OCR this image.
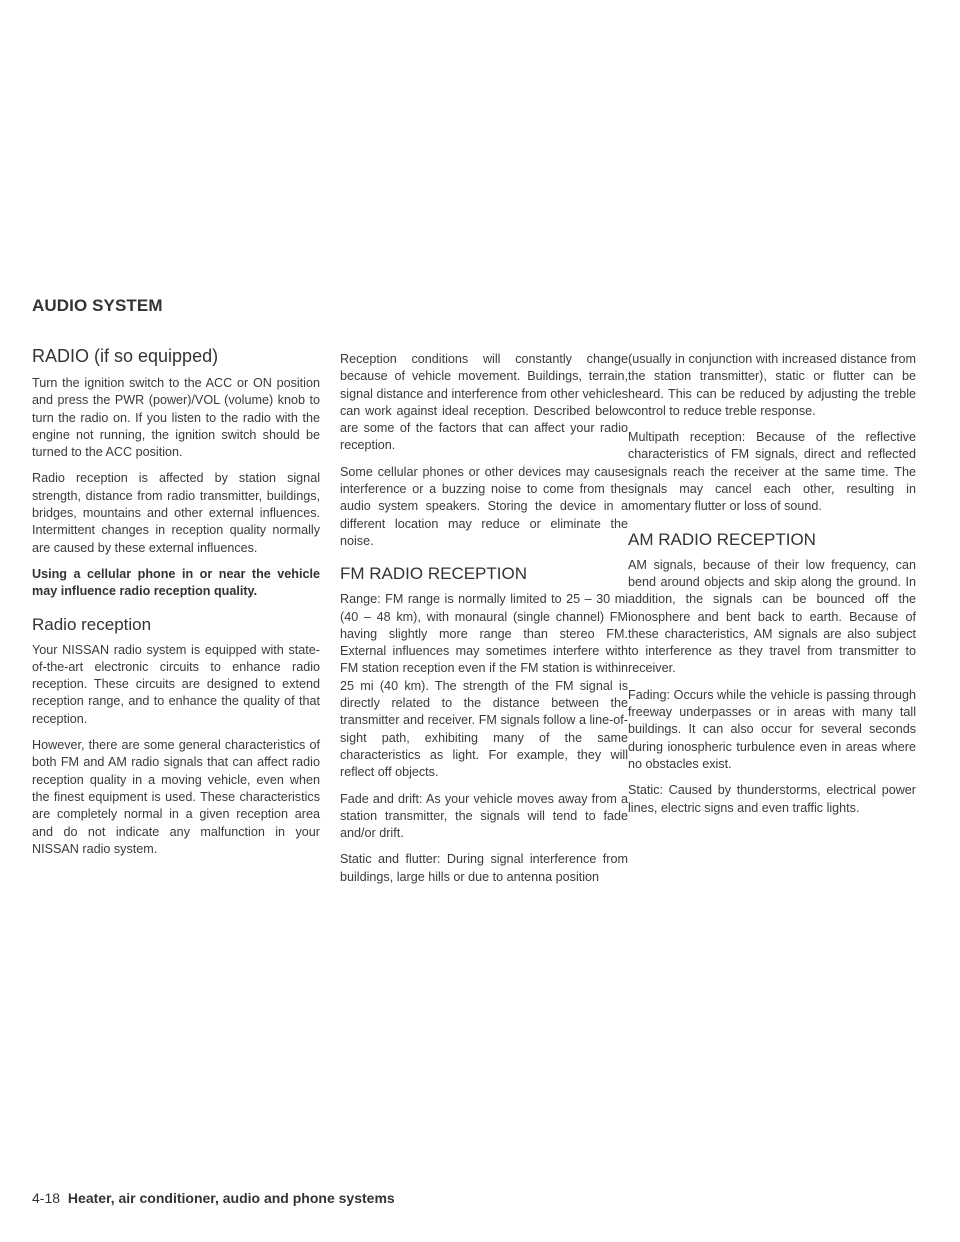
AUDIO SYSTEM
RADIO (if so equipped)

Turn the ignition switch to the ACC or ON position and press the PWR (power)/VOL (volume) knob to turn the radio on. If you listen to the radio with the engine not running, the ignition switch should be turned to the ACC position.

Radio reception is affected by station signal strength, distance from radio transmitter, buildings, bridges, mountains and other external influences. Intermittent changes in reception quality normally are caused by these external influences.

Using a cellular phone in or near the vehicle may influence radio reception quality.

Radio reception

Your NISSAN radio system is equipped with state-of-the-art electronic circuits to enhance radio reception. These circuits are designed to extend reception range, and to enhance the quality of that reception.

However, there are some general characteristics of both FM and AM radio signals that can affect radio reception quality in a moving vehicle, even when the finest equipment is used. These characteristics are completely normal in a given reception area and do not indicate any malfunction in your NISSAN radio system.

Reception conditions will constantly change because of vehicle movement. Buildings, terrain, signal distance and interference from other vehicles can work against ideal reception. Described below are some of the factors that can affect your radio reception.

Some cellular phones or other devices may cause interference or a buzzing noise to come from the audio system speakers. Storing the device in a different location may reduce or eliminate the noise.

FM RADIO RECEPTION

Range: FM range is normally limited to 25 – 30 mi (40 – 48 km), with monaural (single channel) FM having slightly more range than stereo FM. External influences may sometimes interfere with FM station reception even if the FM station is within 25 mi (40 km). The strength of the FM signal is directly related to the distance between the transmitter and receiver. FM signals follow a line-of-sight path, exhibiting many of the same characteristics as light. For example, they will reflect off objects.

Fade and drift: As your vehicle moves away from a station transmitter, the signals will tend to fade and/or drift.

Static and flutter: During signal interference from buildings, large hills or due to antenna position

(usually in conjunction with increased distance from the station transmitter), static or flutter can be heard. This can be reduced by adjusting the treble control to reduce treble response.

Multipath reception: Because of the reflective characteristics of FM signals, direct and reflected signals reach the receiver at the same time. The signals may cancel each other, resulting in momentary flutter or loss of sound.

AM RADIO RECEPTION

AM signals, because of their low frequency, can bend around objects and skip along the ground. In addition, the signals can be bounced off the ionosphere and bent back to earth. Because of these characteristics, AM signals are also subject to interference as they travel from transmitter to receiver.

Fading: Occurs while the vehicle is passing through freeway underpasses or in areas with many tall buildings. It can also occur for several seconds during ionospheric turbulence even in areas where no obstacles exist.

Static: Caused by thunderstorms, electrical power lines, electric signs and even traffic lights.

4-18 Heater, air conditioner, audio and phone systems
